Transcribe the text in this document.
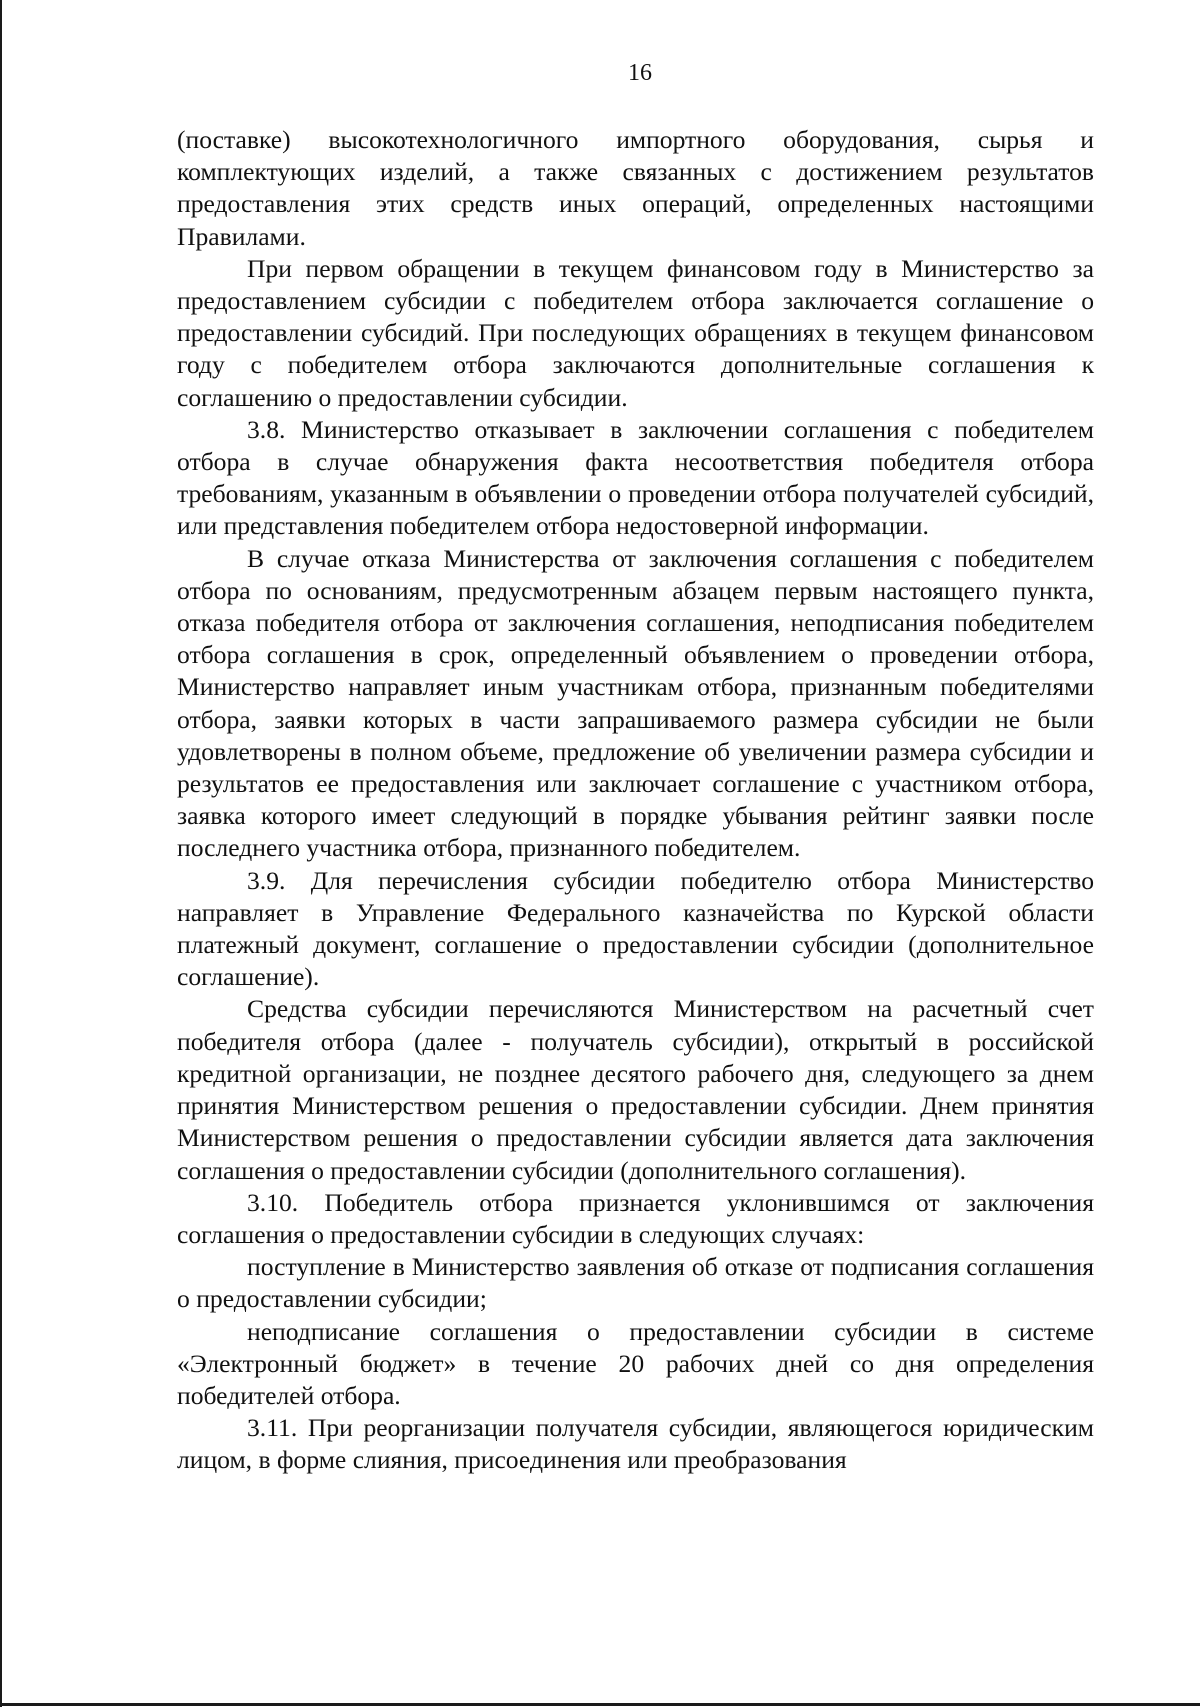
16

(поставке) высокотехнологичного импортного оборудования, сырья и комплектующих изделий, а также связанных с достижением результатов предоставления этих средств иных операций, определенных настоящими Правилами.

При первом обращении в текущем финансовом году в Министерство за предоставлением субсидии с победителем отбора заключается соглашение о предоставлении субсидий. При последующих обращениях в текущем финансовом году с победителем отбора заключаются дополнительные соглашения к соглашению о предоставлении субсидии.

3.8. Министерство отказывает в заключении соглашения с победителем отбора в случае обнаружения факта несоответствия победителя отбора требованиям, указанным в объявлении о проведении отбора получателей субсидий, или представления победителем отбора недостоверной информации.

В случае отказа Министерства от заключения соглашения с победителем отбора по основаниям, предусмотренным абзацем первым настоящего пункта, отказа победителя отбора от заключения соглашения, неподписания победителем отбора соглашения в срок, определенный объявлением о проведении отбора, Министерство направляет иным участникам отбора, признанным победителями отбора, заявки которых в части запрашиваемого размера субсидии не были удовлетворены в полном объеме, предложение об увеличении размера субсидии и результатов ее предоставления или заключает соглашение с участником отбора, заявка которого имеет следующий в порядке убывания рейтинг заявки после последнего участника отбора, признанного победителем.

3.9. Для перечисления субсидии победителю отбора Министерство направляет в Управление Федерального казначейства по Курской области платежный документ, соглашение о предоставлении субсидии (дополнительное соглашение).

Средства субсидии перечисляются Министерством на расчетный счет победителя отбора (далее - получатель субсидии), открытый в российской кредитной организации, не позднее десятого рабочего дня, следующего за днем принятия Министерством решения о предоставлении субсидии. Днем принятия Министерством решения о предоставлении субсидии является дата заключения соглашения о предоставлении субсидии (дополнительного соглашения).

3.10. Победитель отбора признается уклонившимся от заключения соглашения о предоставлении субсидии в следующих случаях:

поступление в Министерство заявления об отказе от подписания соглашения о предоставлении субсидии;

неподписание соглашения о предоставлении субсидии в системе «Электронный бюджет» в течение 20 рабочих дней со дня определения победителей отбора.

3.11. При реорганизации получателя субсидии, являющегося юридическим лицом, в форме слияния, присоединения или преобразования
